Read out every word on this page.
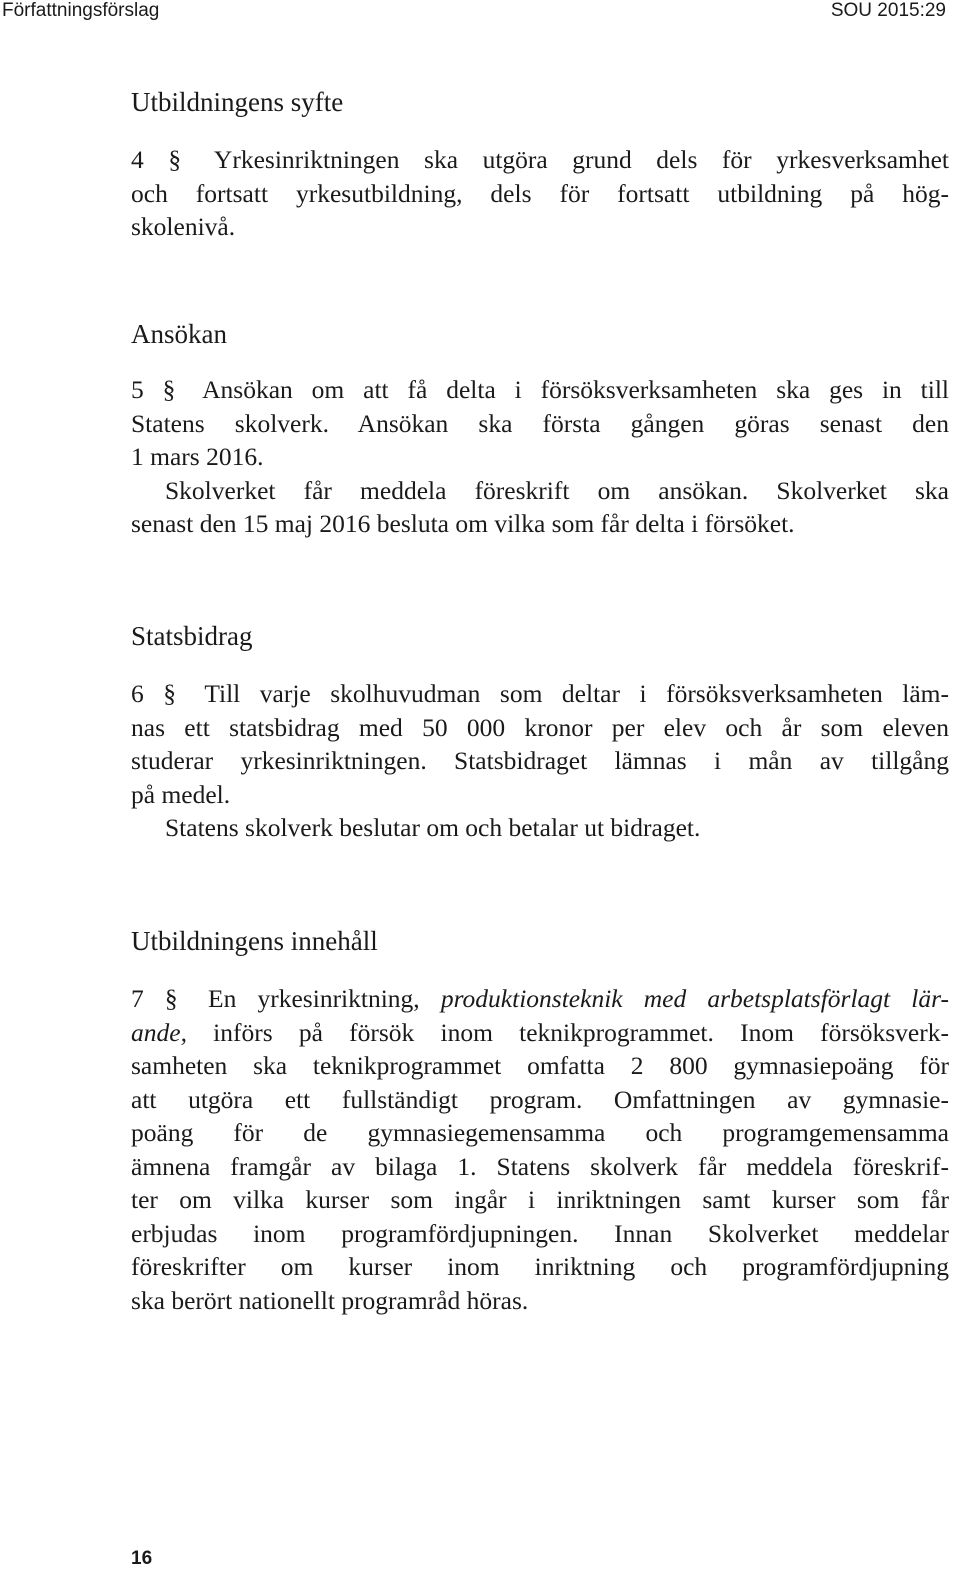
Författningsförslag	SOU 2015:29
Utbildningens syfte
4 § Yrkesinriktningen ska utgöra grund dels för yrkesverksamhet
och fortsatt yrkesutbildning, dels för fortsatt utbildning på hög-
skolenivå.
Ansökan
5 § Ansökan om att få delta i försöksverksamheten ska ges in till
Statens skolverk. Ansökan ska första gången göras senast den
1 mars 2016.
Skolverket får meddela föreskrift om ansökan. Skolverket ska
senast den 15 maj 2016 besluta om vilka som får delta i försöket.
Statsbidrag
6 § Till varje skolhuvudman som deltar i försöksverksamheten läm-
nas ett statsbidrag med 50 000 kronor per elev och år som eleven
studerar yrkesinriktningen. Statsbidraget lämnas i mån av tillgång
på medel.
Statens skolverk beslutar om och betalar ut bidraget.
Utbildningens innehåll
7 § En yrkesinriktning, produktionsteknik med arbetsplatsförlagt lär-
ande, införs på försök inom teknikprogrammet. Inom försöksverk-
samheten ska teknikprogrammet omfatta 2 800 gymnasiepoäng för
att utgöra ett fullständigt program. Omfattningen av gymnasie-
poäng för de gymnasiegemensamma och programgemensamma
ämnena framgår av bilaga 1. Statens skolverk får meddela föreskrif-
ter om vilka kurser som ingår i inriktningen samt kurser som får
erbjudas inom programfördjupningen. Innan Skolverket meddelar
föreskrifter om kurser inom inriktning och programfördjupning
ska berört nationellt programråd höras.
16
